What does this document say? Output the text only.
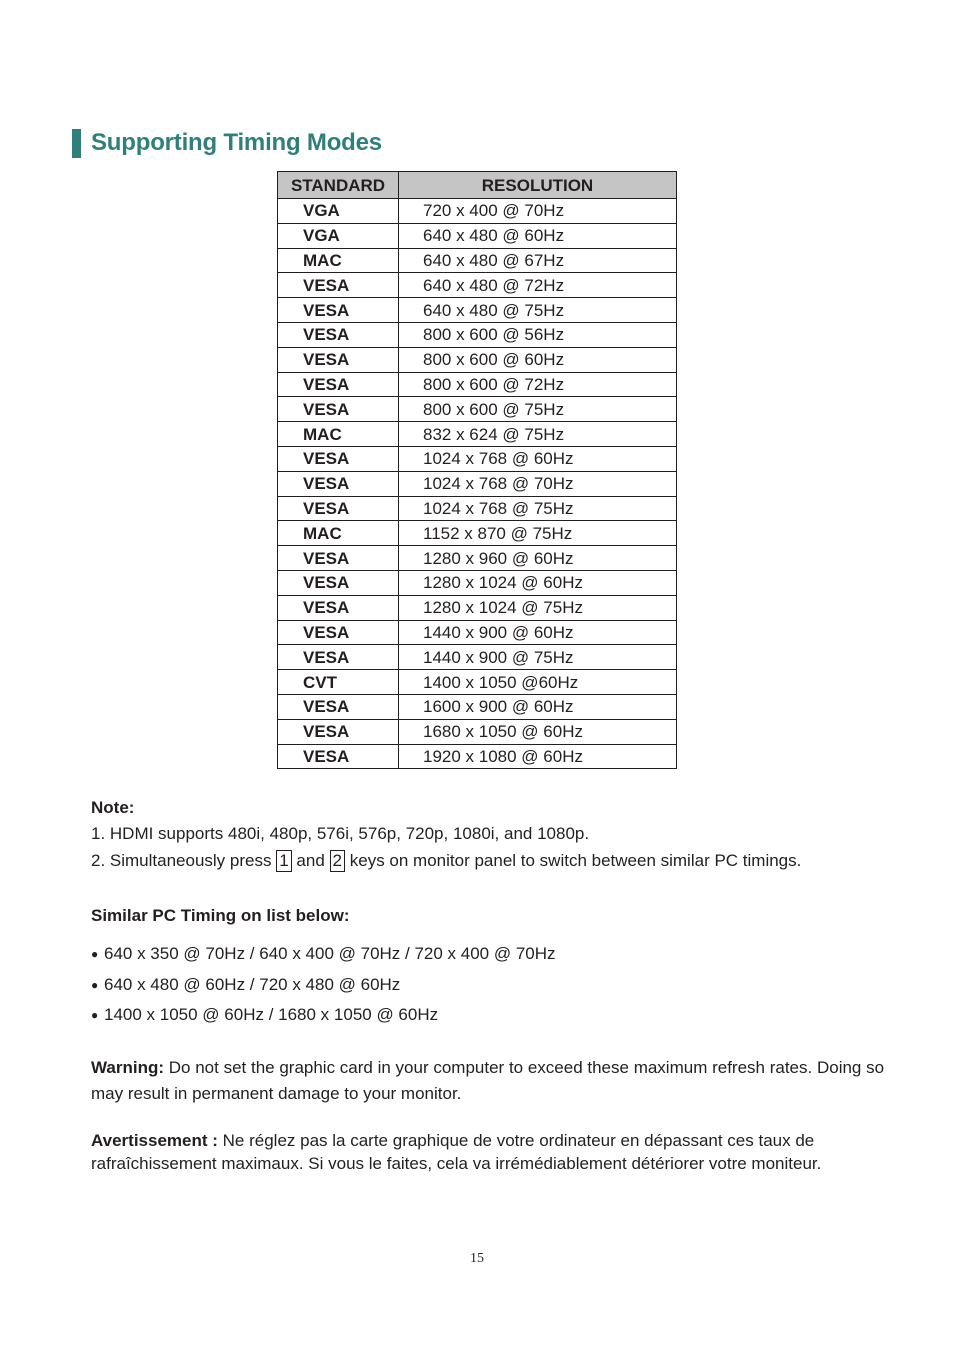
Supporting Timing Modes
STANDARD	RESOLUTION
VGA	720 x 400 @ 70Hz
VGA	640 x 480 @ 60Hz
MAC	640 x 480 @ 67Hz
VESA	640 x 480 @ 72Hz
VESA	640 x 480 @ 75Hz
VESA	800 x 600 @ 56Hz
VESA	800 x 600 @ 60Hz
VESA	800 x 600 @ 72Hz
VESA	800 x 600 @ 75Hz
MAC	832 x 624 @ 75Hz
VESA	1024 x 768 @ 60Hz
VESA	1024 x 768 @ 70Hz
VESA	1024 x 768 @ 75Hz
MAC	1152 x 870 @ 75Hz
VESA	1280 x 960 @ 60Hz
VESA	1280 x 1024 @ 60Hz
VESA	1280 x 1024 @ 75Hz
VESA	1440 x 900 @ 60Hz
VESA	1440 x 900 @ 75Hz
CVT	1400 x 1050 @60Hz
VESA	1600 x 900 @ 60Hz
VESA	1680 x 1050 @ 60Hz
VESA	1920 x 1080 @ 60Hz
Note:
1. HDMI supports 480i, 480p, 576i, 576p, 720p, 1080i, and 1080p.
2. Simultaneously press 1 and 2 keys on monitor panel to switch between similar PC timings.
Similar PC Timing on list below:
● 640 x 350 @ 70Hz / 640 x 400 @ 70Hz / 720 x 400 @ 70Hz
● 640 x 480 @ 60Hz / 720 x 480 @ 60Hz
● 1400 x 1050 @ 60Hz / 1680 x 1050 @ 60Hz
Warning: Do not set the graphic card in your computer to exceed these maximum refresh rates. Doing so may result in permanent damage to your monitor.
Avertissement : Ne réglez pas la carte graphique de votre ordinateur en dépassant ces taux de rafraîchissement maximaux. Si vous le faites, cela va irrémédiablement détériorer votre moniteur.
15
